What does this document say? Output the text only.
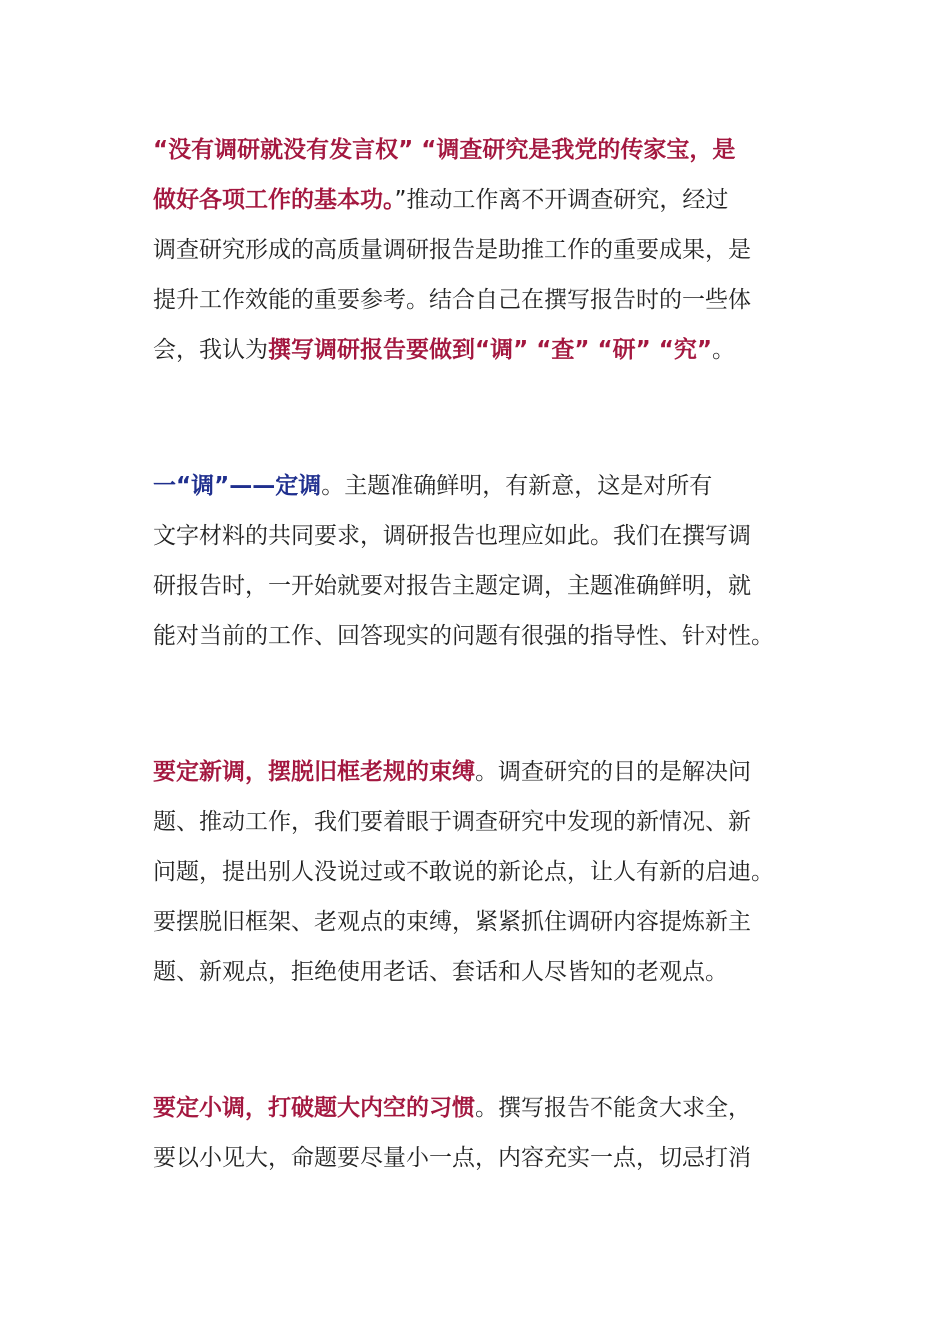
“没有调研就没有发言权” “调查研究是我党的传家宝，是
做好各项工作的基本功。”推动工作离不开调查研究，经过
调查研究形成的高质量调研报告是助推工作的重要成果，是
提升工作效能的重要参考。结合自己在撰写报告时的一些体
会，我认为撰写调研报告要做到“调” “查” “研” “究”。
一“调”——定调。主题准确鲜明，有新意，这是对所有
文字材料的共同要求，调研报告也理应如此。我们在撰写调
研报告时，一开始就要对报告主题定调，主题准确鲜明，就
能对当前的工作、回答现实的问题有很强的指导性、针对性。
要定新调，摆脱旧框老规的束缚。调查研究的目的是解决问
题、推动工作，我们要着眼于调查研究中发现的新情况、新
问题，提出别人没说过或不敢说的新论点，让人有新的启迪。
要摆脱旧框架、老观点的束缚，紧紧抓住调研内容提炼新主
题、新观点，拒绝使用老话、套话和人尽皆知的老观点。
要定小调，打破题大内空的习惯。撰写报告不能贪大求全，
要以小见大，命题要尽量小一点，内容充实一点，切忌打消
